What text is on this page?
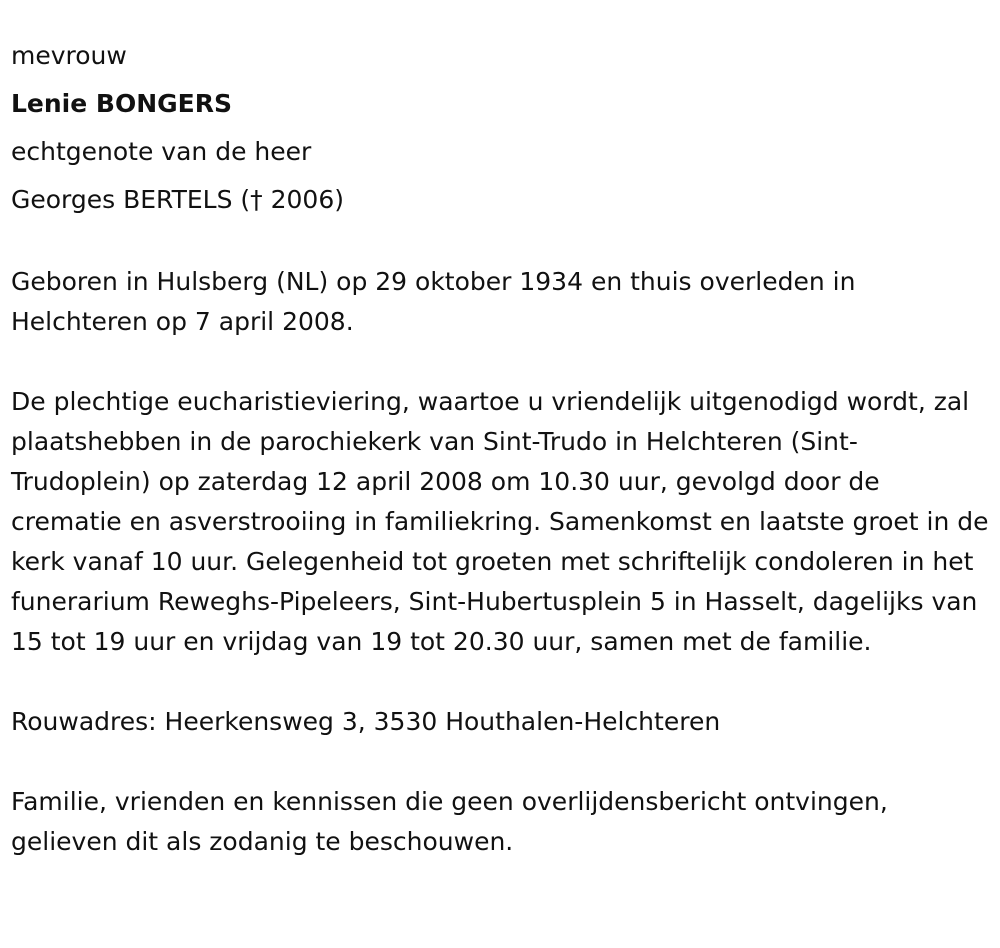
mevrouw

Lenie BONGERS

echtgenote van de heer

Georges BERTELS († 2006)

Geboren in Hulsberg (NL) op 29 oktober 1934 en thuis overleden in Helchteren op 7 april 2008.

De plechtige eucharistieviering, waartoe u vriendelijk uitgenodigd wordt, zal plaatshebben in de parochiekerk van Sint-Trudo in Helchteren (Sint-Trudoplein) op zaterdag 12 april 2008 om 10.30 uur, gevolgd door de crematie en asverstrooiing in familiekring. Samenkomst en laatste groet in de kerk vanaf 10 uur. Gelegenheid tot groeten met schriftelijk condoleren in het funerarium Reweghs-Pipeleers, Sint-Hubertusplein 5 in Hasselt, dagelijks van 15 tot 19 uur en vrijdag van 19 tot 20.30 uur, samen met de familie.

Rouwadres: Heerkensweg 3, 3530 Houthalen-Helchteren

Familie, vrienden en kennissen die geen overlijdensbericht ontvingen, gelieven dit als zodanig te beschouwen.
